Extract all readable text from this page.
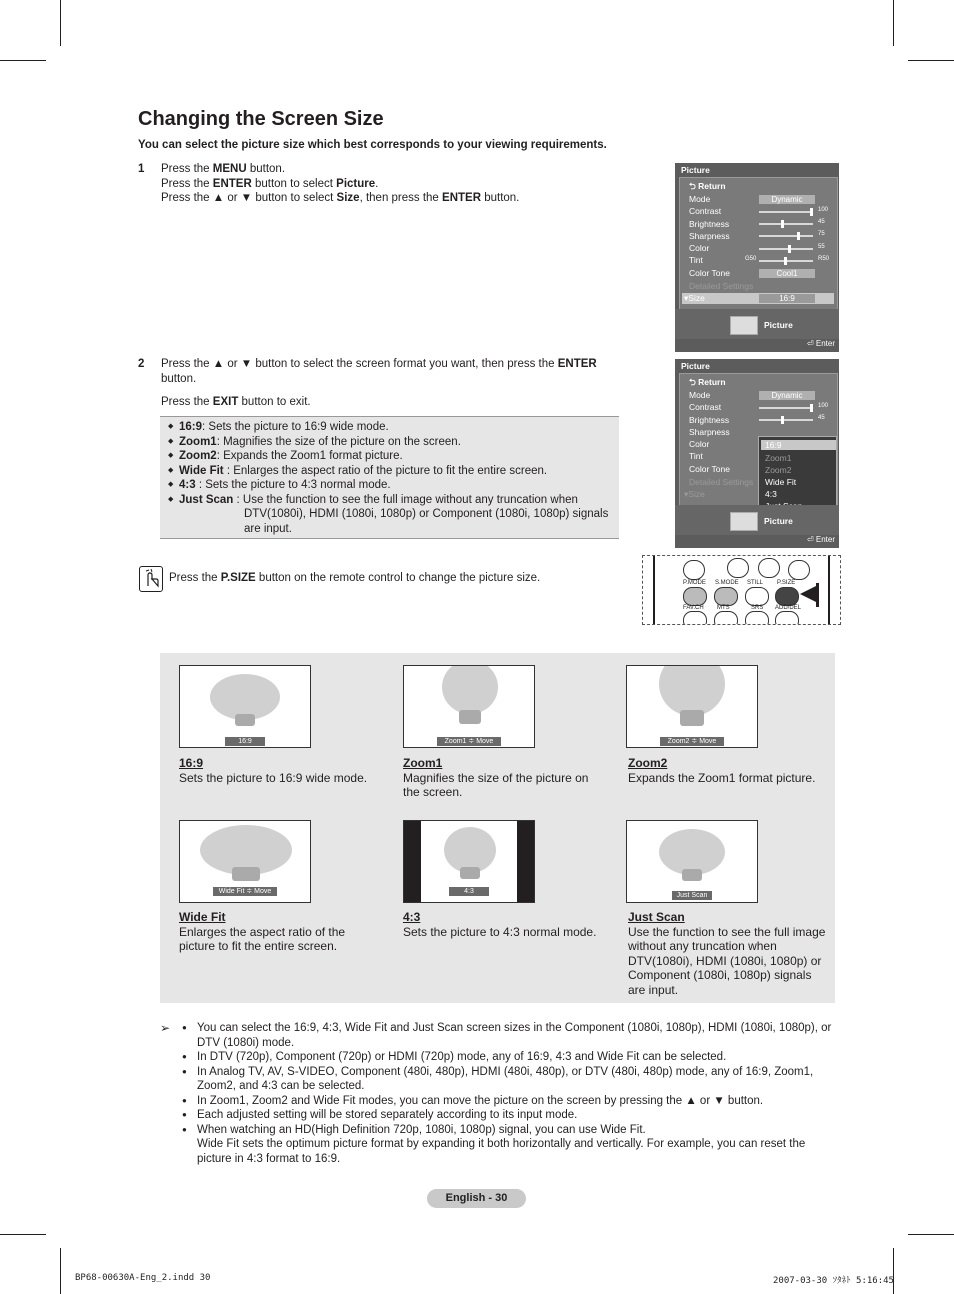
Changing the Screen Size
You can select the picture size which best corresponds to your viewing requirements.
1 Press the MENU button.
Press the ENTER button to select Picture.
Press the ▲ or ▼ button to select Size, then press the ENTER button.
2 Press the ▲ or ▼ button to select the screen format you want, then press the ENTER button.
Press the EXIT button to exit.
◆ 16:9: Sets the picture to 16:9 wide mode.
◆ Zoom1: Magnifies the size of the picture on the screen.
◆ Zoom2: Expands the Zoom1 format picture.
◆ Wide Fit : Enlarges the aspect ratio of the picture to fit the entire screen.
◆ 4:3 : Sets the picture to 4:3 normal mode.
◆ Just Scan : Use the function to see the full image without any truncation when
DTV(1080i), HDMI (1080i, 1080p) or Component (1080i, 1080p) signals are input.
Picture
⮌ Return
Mode	Dynamic
Contrast	100
Brightness	45
Sharpness	75
Color	55
Tint	G50	R50
Color Tone	Cool1
Detailed Settings
▾Size	16:9
Picture
⏎ Enter
Picture
⮌ Return
Mode	Dynamic
Contrast	100
Brightness	45
Sharpness
Color
Tint
Color Tone
Detailed Settings
▾Size
16:9
Zoom1
Zoom2
Wide Fit
4:3
Picture
⏎ Enter
Press the P.SIZE button on the remote control to change the picture size.	P.MODE S.MODE STILL P.SIZE
FAV.CH MTS	SRS ADD/DEL
16:9
16:9
Sets the picture to 16:9 wide mode.
Zoom1 ≑ Move
Zoom1
Magnifies the size of the picture on the screen.
Zoom2 ≑ Move
Zoom2
Expands the Zoom1 format picture.
Wide Fit ≑ Move
Wide Fit
Enlarges the aspect ratio of the picture to fit the entire screen.
4:3
4:3
Sets the picture to 4:3 normal mode.
Just Scan
Just Scan
Use the function to see the full image without any truncation when DTV(1080i), HDMI (1080i, 1080p) or Component (1080i, 1080p) signals are input.
➢	● You can select the 16:9, 4:3, Wide Fit and Just Scan screen sizes in the Component (1080i, 1080p), HDMI (1080i, 1080p), or DTV (1080i) mode.
● In DTV (720p), Component (720p) or HDMI (720p) mode, any of 16:9, 4:3 and Wide Fit can be selected.
● In Analog TV, AV, S-VIDEO, Component (480i, 480p), HDMI (480i, 480p), or DTV (480i, 480p) mode, any of 16:9, Zoom1, Zoom2, and 4:3 can be selected.
● In Zoom1, Zoom2 and Wide Fit modes, you can move the picture on the screen by pressing the ▲ or ▼ button.
● Each adjusted setting will be stored separately according to its input mode.
● When watching an HD(High Definition 720p, 1080i, 1080p) signal, you can use Wide Fit.
Wide Fit sets the optimum picture format by expanding it both horizontally and vertically. For example, you can reset the picture in 4:3 format to 16:9.
English - 30
BP68-00630A-Eng_2.indd 30	2007-03-30 ｿﾀﾈﾄ 5:16:45
